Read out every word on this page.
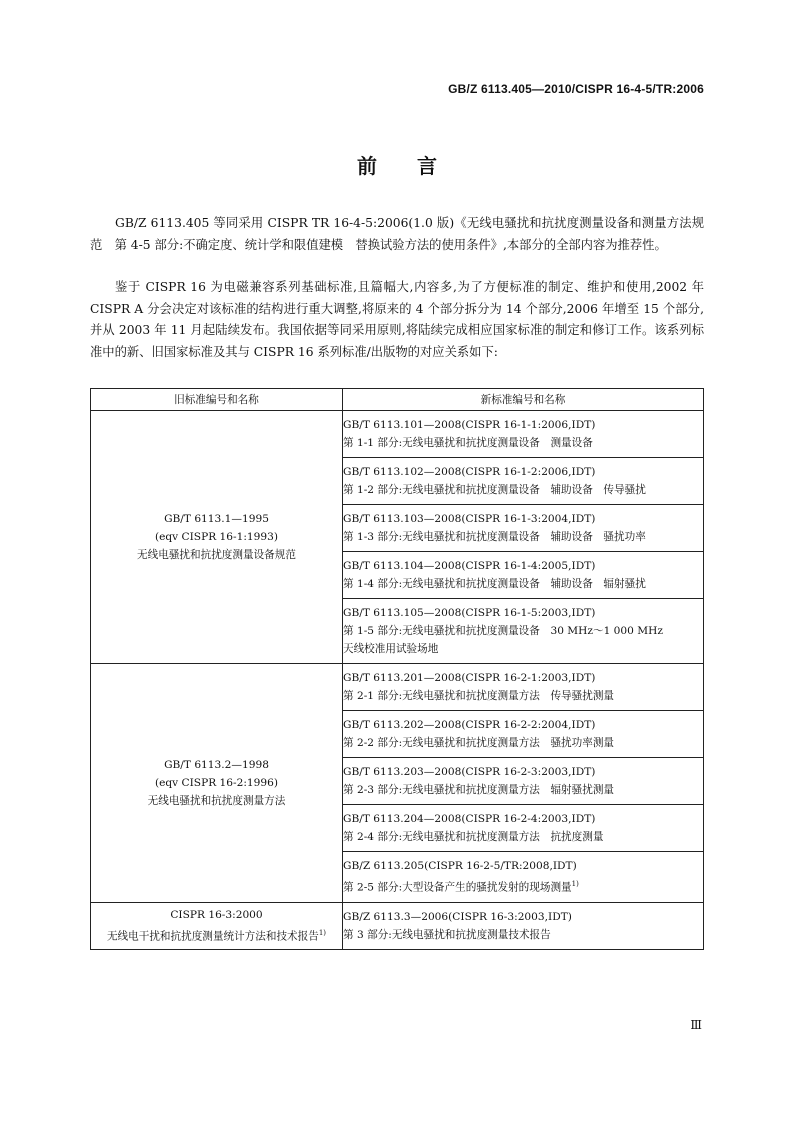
GB/Z 6113.405—2010/CISPR 16-4-5/TR:2006
前言

GB/Z 6113.405 等同采用 CISPR TR 16-4-5:2006(1.0 版)《无线电骚扰和抗扰度测量设备和测量方法规范　第 4-5 部分:不确定度、统计学和限值建模　替换试验方法的使用条件》,本部分的全部内容为推荐性。

鉴于 CISPR 16 为电磁兼容系列基础标准,且篇幅大,内容多,为了方便标准的制定、维护和使用,2002 年 CISPR A 分会决定对该标准的结构进行重大调整,将原来的 4 个部分拆分为 14 个部分,2006 年增至 15 个部分,并从 2003 年 11 月起陆续发布。我国依据等同采用原则,将陆续完成相应国家标准的制定和修订工作。该系列标准中的新、旧国家标准及其与 CISPR 16 系列标准/出版物的对应关系如下:

旧标准编号和名称	新标准编号和名称

GB/T 6113.1—1995
(eqv CISPR 16-1:1993)
无线电骚扰和抗扰度测量设备规范	GB/T 6113.101—2008(CISPR 16-1-1:2006,IDT)
第 1-1 部分:无线电骚扰和抗扰度测量设备　测量设备

	GB/T 6113.102—2008(CISPR 16-1-2:2006,IDT)
第 1-2 部分:无线电骚扰和抗扰度测量设备　辅助设备　传导骚扰

	GB/T 6113.103—2008(CISPR 16-1-3:2004,IDT)
第 1-3 部分:无线电骚扰和抗扰度测量设备　辅助设备　骚扰功率

	GB/T 6113.104—2008(CISPR 16-1-4:2005,IDT)
第 1-4 部分:无线电骚扰和抗扰度测量设备　辅助设备　辐射骚扰

	GB/T 6113.105—2008(CISPR 16-1-5:2003,IDT)
第 1-5 部分:无线电骚扰和抗扰度测量设备　30 MHz～1 000 MHz
天线校准用试验场地

GB/T 6113.2—1998
(eqv CISPR 16-2:1996)
无线电骚扰和抗扰度测量方法	GB/T 6113.201—2008(CISPR 16-2-1:2003,IDT)
第 2-1 部分:无线电骚扰和抗扰度测量方法　传导骚扰测量

	GB/T 6113.202—2008(CISPR 16-2-2:2004,IDT)
第 2-2 部分:无线电骚扰和抗扰度测量方法　骚扰功率测量

	GB/T 6113.203—2008(CISPR 16-2-3:2003,IDT)
第 2-3 部分:无线电骚扰和抗扰度测量方法　辐射骚扰测量

	GB/T 6113.204—2008(CISPR 16-2-4:2003,IDT)
第 2-4 部分:无线电骚扰和抗扰度测量方法　抗扰度测量

	GB/Z 6113.205(CISPR 16-2-5/TR:2008,IDT)
第 2-5 部分:大型设备产生的骚扰发射的现场测量$^{1)}$

CISPR 16-3:2000
无线电干扰和抗扰度测量统计方法和技术报告$^{1)}$	GB/Z 6113.3—2006(CISPR 16-3:2003,IDT)
第 3 部分:无线电骚扰和抗扰度测量技术报告
Ⅲ
